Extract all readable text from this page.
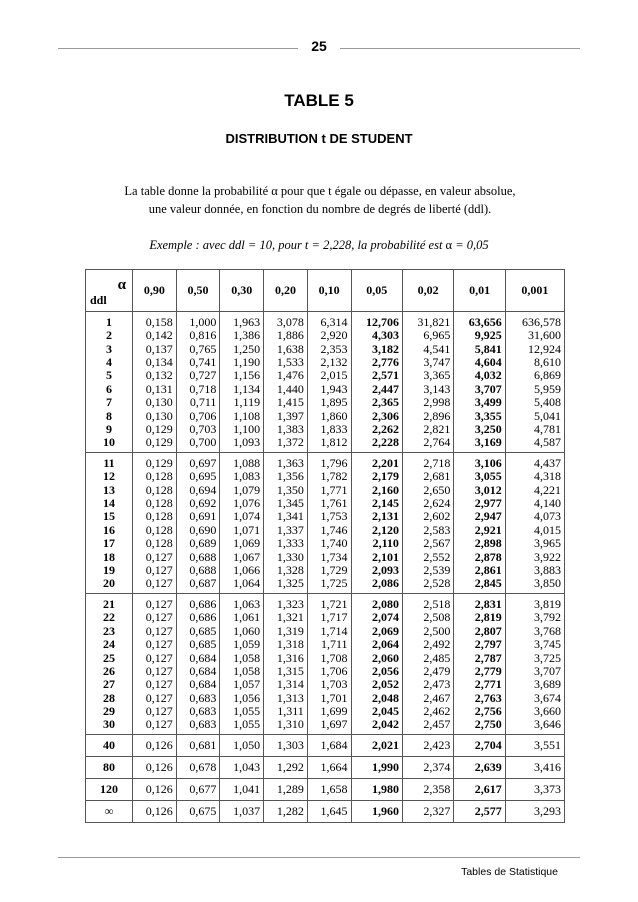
25
TABLE 5
DISTRIBUTION t DE STUDENT
La table donne la probabilité α pour que t égale ou dépasse, en valeur absolue,
une valeur donnée, en fonction du nombre de degrés de liberté (ddl).
Exemple : avec ddl = 10, pour t = 2,228, la probabilité est α = 0,05
α
ddl	0,90	0,50	0,30	0,20	0,10	0,05	0,02	0,01	0,001
1	0,158	1,000	1,963	3,078	6,314	12,706	31,821	63,656	636,578
2	0,142	0,816	1,386	1,886	2,920	4,303	6,965	9,925	31,600
3	0,137	0,765	1,250	1,638	2,353	3,182	4,541	5,841	12,924
4	0,134	0,741	1,190	1,533	2,132	2,776	3,747	4,604	8,610
5	0,132	0,727	1,156	1,476	2,015	2,571	3,365	4,032	6,869
6	0,131	0,718	1,134	1,440	1,943	2,447	3,143	3,707	5,959
7	0,130	0,711	1,119	1,415	1,895	2,365	2,998	3,499	5,408
8	0,130	0,706	1,108	1,397	1,860	2,306	2,896	3,355	5,041
9	0,129	0,703	1,100	1,383	1,833	2,262	2,821	3,250	4,781
10	0,129	0,700	1,093	1,372	1,812	2,228	2,764	3,169	4,587
11	0,129	0,697	1,088	1,363	1,796	2,201	2,718	3,106	4,437
12	0,128	0,695	1,083	1,356	1,782	2,179	2,681	3,055	4,318
13	0,128	0,694	1,079	1,350	1,771	2,160	2,650	3,012	4,221
14	0,128	0,692	1,076	1,345	1,761	2,145	2,624	2,977	4,140
15	0,128	0,691	1,074	1,341	1,753	2,131	2,602	2,947	4,073
16	0,128	0,690	1,071	1,337	1,746	2,120	2,583	2,921	4,015
17	0,128	0,689	1,069	1,333	1,740	2,110	2,567	2,898	3,965
18	0,127	0,688	1,067	1,330	1,734	2,101	2,552	2,878	3,922
19	0,127	0,688	1,066	1,328	1,729	2,093	2,539	2,861	3,883
20	0,127	0,687	1,064	1,325	1,725	2,086	2,528	2,845	3,850
21	0,127	0,686	1,063	1,323	1,721	2,080	2,518	2,831	3,819
22	0,127	0,686	1,061	1,321	1,717	2,074	2,508	2,819	3,792
23	0,127	0,685	1,060	1,319	1,714	2,069	2,500	2,807	3,768
24	0,127	0,685	1,059	1,318	1,711	2,064	2,492	2,797	3,745
25	0,127	0,684	1,058	1,316	1,708	2,060	2,485	2,787	3,725
26	0,127	0,684	1,058	1,315	1,706	2,056	2,479	2,779	3,707
27	0,127	0,684	1,057	1,314	1,703	2,052	2,473	2,771	3,689
28	0,127	0,683	1,056	1,313	1,701	2,048	2,467	2,763	3,674
29	0,127	0,683	1,055	1,311	1,699	2,045	2,462	2,756	3,660
30	0,127	0,683	1,055	1,310	1,697	2,042	2,457	2,750	3,646
40	0,126	0,681	1,050	1,303	1,684	2,021	2,423	2,704	3,551
80	0,126	0,678	1,043	1,292	1,664	1,990	2,374	2,639	3,416
120	0,126	0,677	1,041	1,289	1,658	1,980	2,358	2,617	3,373
∞	0,126	0,675	1,037	1,282	1,645	1,960	2,327	2,577	3,293
Tables de Statistique
